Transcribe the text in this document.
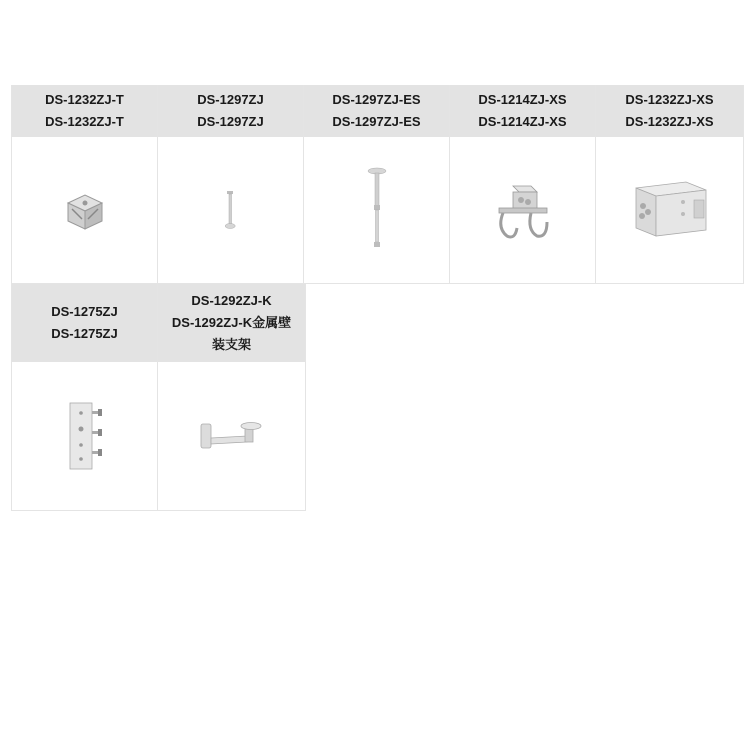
DS-1232ZJ-T
DS-1232ZJ-T
DS-1297ZJ
DS-1297ZJ
DS-1297ZJ-ES
DS-1297ZJ-ES
DS-1214ZJ-XS
DS-1214ZJ-XS
DS-1232ZJ-XS
DS-1232ZJ-XS
DS-1275ZJ
DS-1275ZJ
DS-1292ZJ-K
DS-1292ZJ-K金属壁
装支架
